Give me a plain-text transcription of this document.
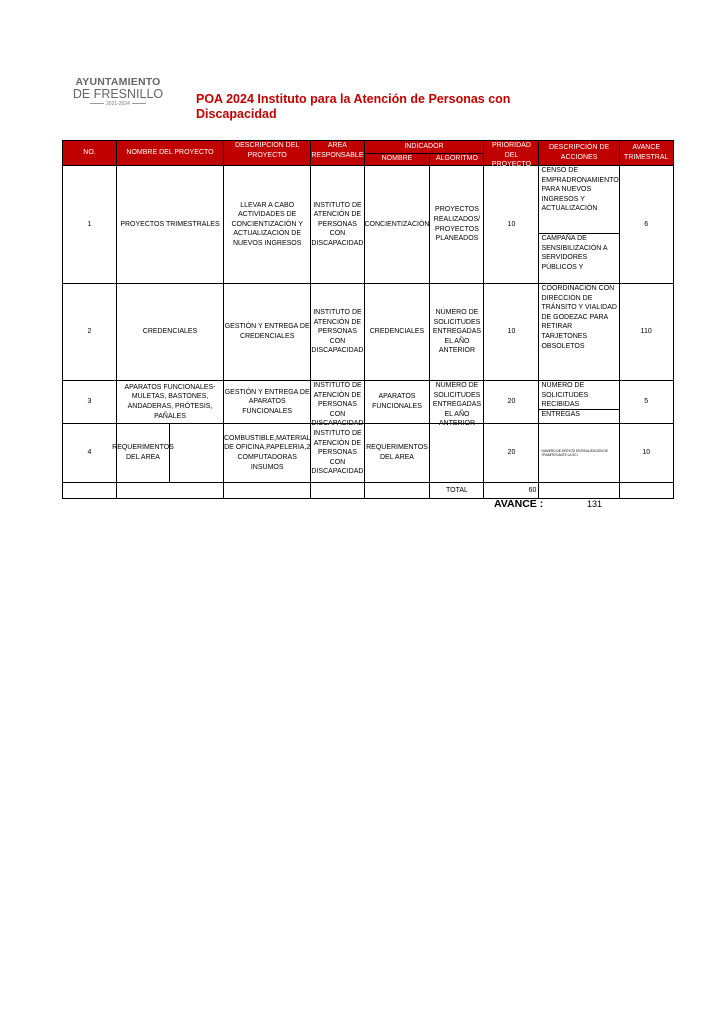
AYUNTAMIENTO
DE FRESNILLO
2021-2024	POA 2024 Instituto para la Atención de Personas con Discapacidad
NO.	NOMBRE DEL PROYECTO	DESCRIPCION DEL PROYECTO	AREA RESPONSABLE	INDICADOR		PRIORIDAD DEL PROYECTO	DESCRIPCIÓN DE ACCIONES	AVANCE TRIMESTRAL
				NOMBRE	ALGORITMO			
1	PROYECTOS TRIMESTRALES	LLEVAR A CABO ACTIVIDADES DE CONCIENTIZACIÓN Y ACTUALIZACIÓN DE NUEVOS INGRESOS	INSTITUTO DE ATENCIÓN DE PERSONAS CON DISCAPACIDAD	CONCIENTIZACIÓN	PROYECTOS REALIZADOS/ PROYECTOS PLANEADOS	10	CENSO DE EMPRADRONAMIENTO PARA NUEVOS INGRESOS Y ACTUALIZACIÓN
CAMPAÑA DE SENSIBILIZACIÓN A SERVIDORES PÚBLICOS Y	6
2	CREDENCIALES	GESTIÓN Y ENTREGA DE CREDENCIALES	INSTITUTO DE ATENCIÓN DE PERSONAS CON DISCAPACIDAD	CREDENCIALES	NÚMERO DE SOLICITUDES ENTREGADAS EL AÑO ANTERIOR	10	COORDINACIÓN CON DIRECCIÓN DE TRÁNSITO Y VIALIDAD DE GODEZAC PARA RETIRAR TARJETONES OBSOLETOS	110
3	APARATOS FUNCIONALES- MULETAS, BASTONES, ANDADERAS, PRÓTESIS, PAÑALES	GESTIÓN Y ENTREGA DE APARATOS FUNCIONALES	INSTITUTO DE ATENCIÓN DE PERSONAS CON DISCAPACIDAD	APARATOS FUNCIONALES	NÚMERO DE SOLICITUDES ENTREGADAS EL AÑO ANTERIOR	20	NÚMERO DE SOLICITUDES RECIBIDAS
ENTREGAS	5
4	REQUERIMENTOS DEL AREA	COMBUSTIBLE,MATERIAL DE OFICINA,PAPELERIA,2 COMPUTADORAS INSUMOS	INSTITUTO DE ATENCIÓN DE PERSONAS CON DISCAPACIDAD	REQUERIMENTOS DEL AREA		20	NUMERO DE APOYOS EN REALIZACION DE TRAMITES ANTE LA SCI	10
					TOTAL	60		
AVANCE :	131
